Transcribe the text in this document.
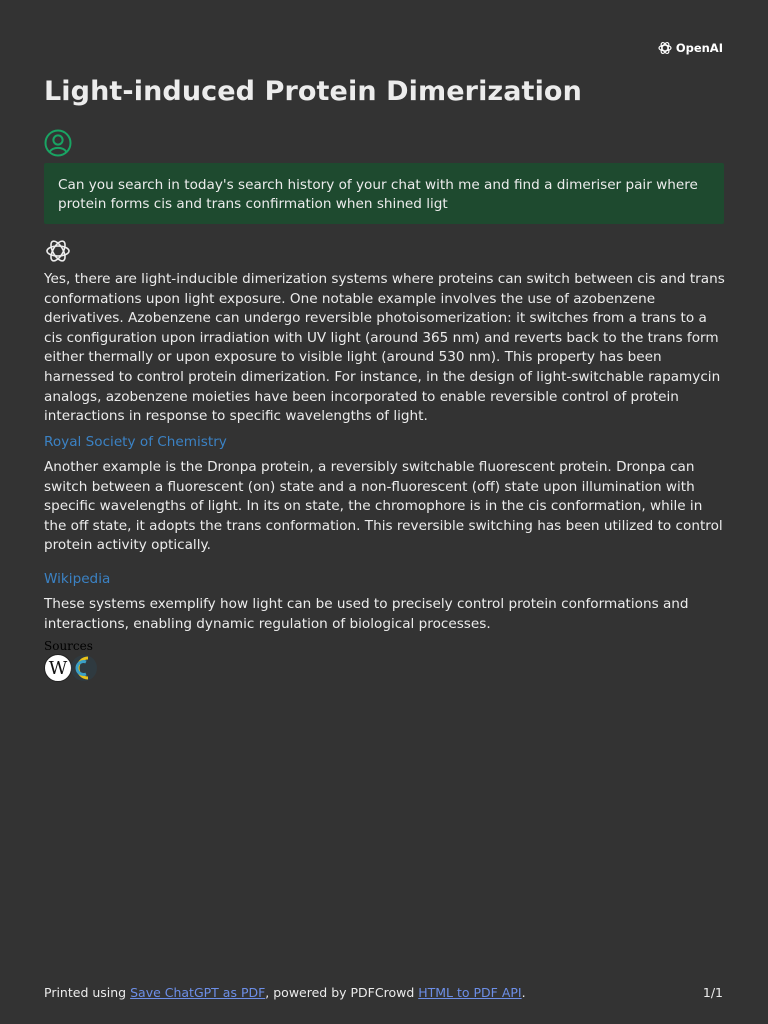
OpenAI
Light-induced Protein Dimerization
Can you search in today's search history of your chat with me and find a dimeriser pair where protein forms cis and trans confirmation when shined ligt

Yes, there are light-inducible dimerization systems where proteins can switch between cis and trans conformations upon light exposure. One notable example involves the use of azobenzene derivatives. Azobenzene can undergo reversible photoisomerization: it switches from a trans to a cis configuration upon irradiation with UV light (around 365 nm) and reverts back to the trans form either thermally or upon exposure to visible light (around 530 nm). This property has been harnessed to control protein dimerization. For instance, in the design of light-switchable rapamycin analogs, azobenzene moieties have been incorporated to enable reversible control of protein interactions in response to specific wavelengths of light.

Royal Society of Chemistry

Another example is the Dronpa protein, a reversibly switchable fluorescent protein. Dronpa can switch between a fluorescent (on) state and a non-fluorescent (off) state upon illumination with specific wavelengths of light. In its on state, the chromophore is in the cis conformation, while in the off state, it adopts the trans conformation. This reversible switching has been utilized to control protein activity optically.

Wikipedia

These systems exemplify how light can be used to precisely control protein conformations and interactions, enabling dynamic regulation of biological processes.

Sources
W
Printed using Save ChatGPT as PDF, powered by PDFCrowd HTML to PDF API.	1/1
